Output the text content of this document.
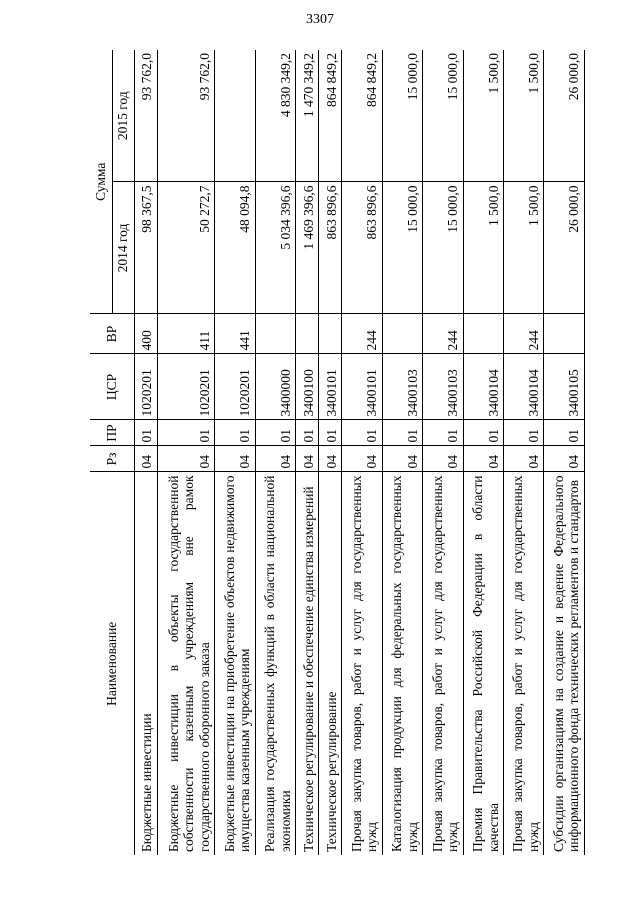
3307
Наименование	Рз	ПР	ЦСР	ВР	Сумма	
					2014 год	2015 год
Бюджетные инвестиции	04	01	1020201	400	98 367,5	93 762,0
Бюджетные инвестиции в объекты государственной собственности казенным учреждениям вне рамок государственного оборонного заказа	04	01	1020201	411	50 272,7	93 762,0
Бюджетные инвестиции на приобретение объектов недвижимого имущества казенным учреждениям	04	01	1020201	441	48 094,8	
Реализация государственных функций в области национальной экономики	04	01	3400000		5 034 396,6	4 830 349,2
Техническое регулирование и обеспечение единства измерений	04	01	3400100		1 469 396,6	1 470 349,2
Техническое регулирование	04	01	3400101		863 896,6	864 849,2
Прочая закупка товаров, работ и услуг для государственных нужд	04	01	3400101	244	863 896,6	864 849,2
Каталогизация продукции для федеральных государственных нужд	04	01	3400103		15 000,0	15 000,0
Прочая закупка товаров, работ и услуг для государственных нужд	04	01	3400103	244	15 000,0	15 000,0
Премия Правительства Российской Федерации в области качества	04	01	3400104		1 500,0	1 500,0
Прочая закупка товаров, работ и услуг для государственных нужд	04	01	3400104	244	1 500,0	1 500,0
Субсидии организациям на создание и ведение Федерального информационного фонда технических регламентов и стандартов	04	01	3400105		26 000,0	26 000,0
